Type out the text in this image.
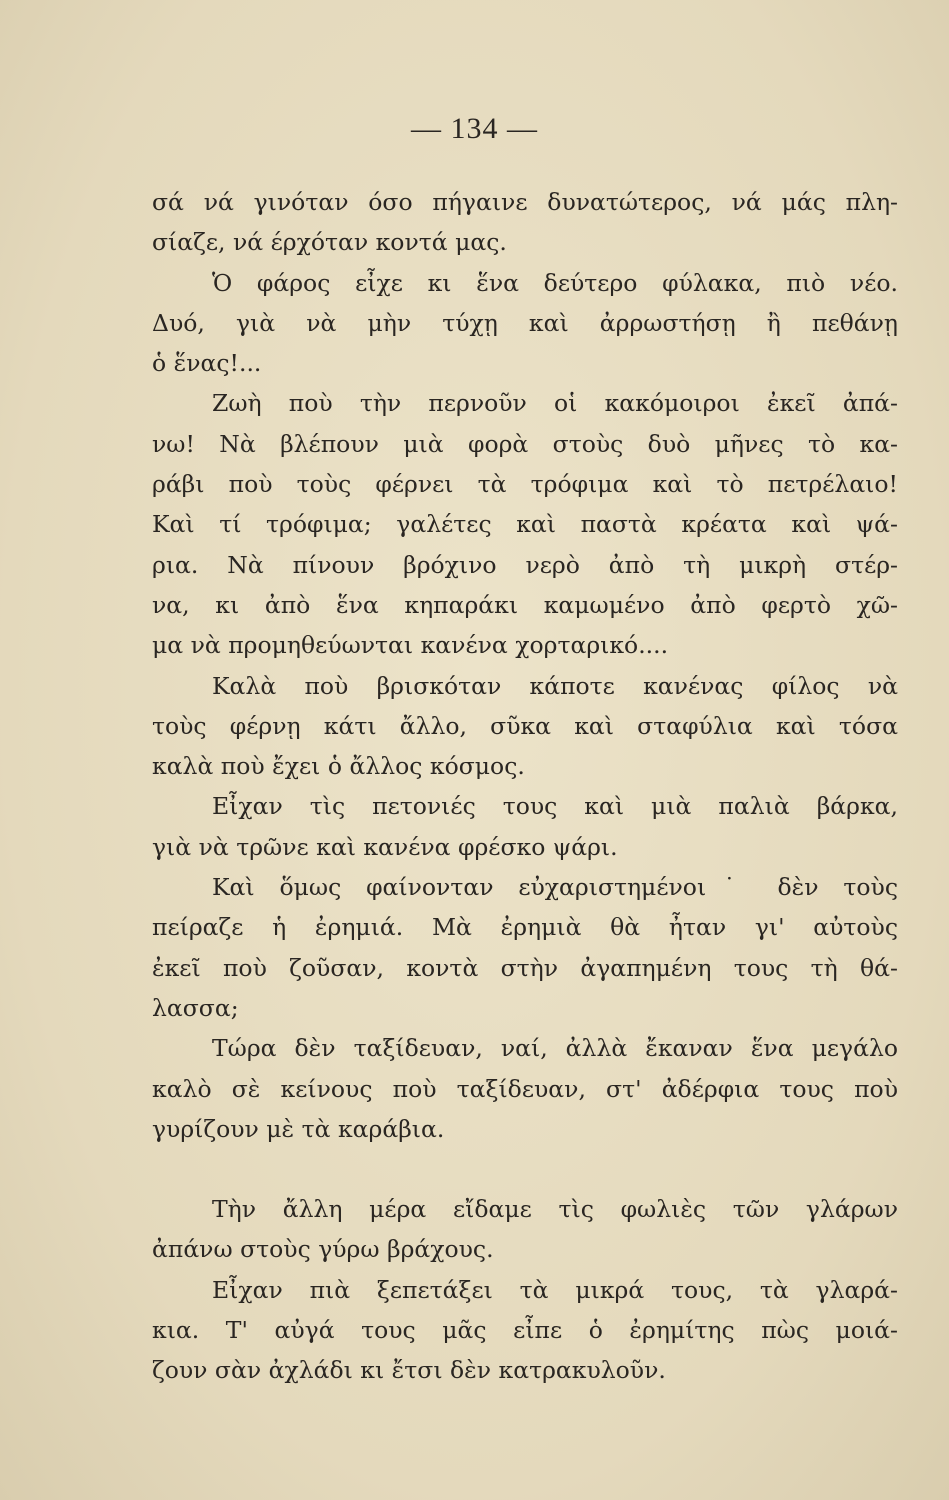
— 134 —
σά νά γινόταν όσο πήγαινε δυνατώτερος, νά μάς πλη-
σίαζε, νά έρχόταν κοντά μας.
Ὁ φάρος εἶχε κι ἕνα δεύτερο φύλακα, πιὸ νέο.
Δυό, γιὰ νὰ μὴν τύχῃ καὶ ἀρρωστήσῃ ἢ πεθάνῃ
ὁ ἕνας!...
Ζωὴ ποὺ τὴν περνοῦν οἱ κακόμοιροι ἐκεῖ ἀπά-
νω! Νὰ βλέπουν μιὰ φορὰ στοὺς δυὸ μῆνες τὸ κα-
ράβι ποὺ τοὺς φέρνει τὰ τρόφιμα καὶ τὸ πετρέλαιο!
Καὶ τί τρόφιμα; γαλέτες καὶ παστὰ κρέατα καὶ ψά-
ρια. Νὰ πίνουν βρόχινο νερὸ ἀπὸ τὴ μικρὴ στέρ-
να, κι ἀπὸ ἕνα κηπαράκι καμωμένο ἀπὸ φερτὸ χῶ-
μα νὰ προμηθεύωνται κανένα χορταρικό....
Καλὰ ποὺ βρισκόταν κάποτε κανένας φίλος νὰ
τοὺς φέρνῃ κάτι ἄλλο, σῦκα καὶ σταφύλια καὶ τόσα
καλὰ ποὺ ἔχει ὁ ἄλλος κόσμος.
Εἶχαν τὶς πετονιές τους καὶ μιὰ παλιὰ βάρκα,
γιὰ νὰ τρῶνε καὶ κανένα φρέσκο ψάρι.
Καὶ ὅμως φαίνονταν εὐχαριστημένοι˙ δὲν τοὺς
πείραζε ἡ ἐρημιά. Μὰ ἐρημιὰ θὰ ἦταν γι' αὐτοὺς
ἐκεῖ ποὺ ζοῦσαν, κοντὰ στὴν ἀγαπημένη τους τὴ θά-
λασσα;
Τώρα δὲν ταξίδευαν, ναί, ἀλλὰ ἔκαναν ἕνα μεγάλο
καλὸ σὲ κείνους ποὺ ταξίδευαν, στ' ἀδέρφια τους ποὺ
γυρίζουν μὲ τὰ καράβια.
Τὴν ἄλλη μέρα εἴδαμε τὶς φωλιὲς τῶν γλάρων
ἀπάνω στοὺς γύρω βράχους.
Εἶχαν πιὰ ξεπετάξει τὰ μικρά τους, τὰ γλαρά-
κια. Τ' αὐγά τους μᾶς εἶπε ὁ ἐρημίτης πὼς μοιά-
ζουν σὰν ἀχλάδι κι ἔτσι δὲν κατρακυλοῦν.
